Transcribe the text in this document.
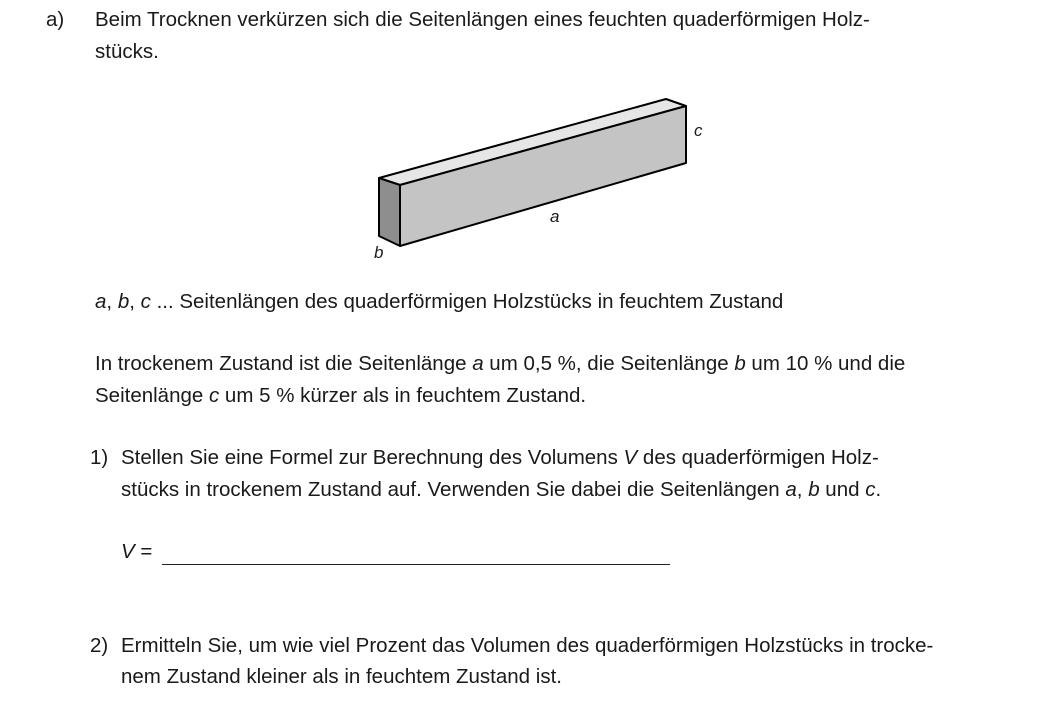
a) Beim Trocknen verkürzen sich die Seitenlängen eines feuchten quaderförmigen Holz-
stücks.
a
b
c
a, b, c ... Seitenlängen des quaderförmigen Holzstücks in feuchtem Zustand
In trockenem Zustand ist die Seitenlänge a um 0,5 %, die Seitenlänge b um 10 % und die
Seitenlänge c um 5 % kürzer als in feuchtem Zustand.
1) Stellen Sie eine Formel zur Berechnung des Volumens V des quaderförmigen Holz-
stücks in trockenem Zustand auf. Verwenden Sie dabei die Seitenlängen a, b und c.
V =
2) Ermitteln Sie, um wie viel Prozent das Volumen des quaderförmigen Holzstücks in trocke-
nem Zustand kleiner als in feuchtem Zustand ist.
